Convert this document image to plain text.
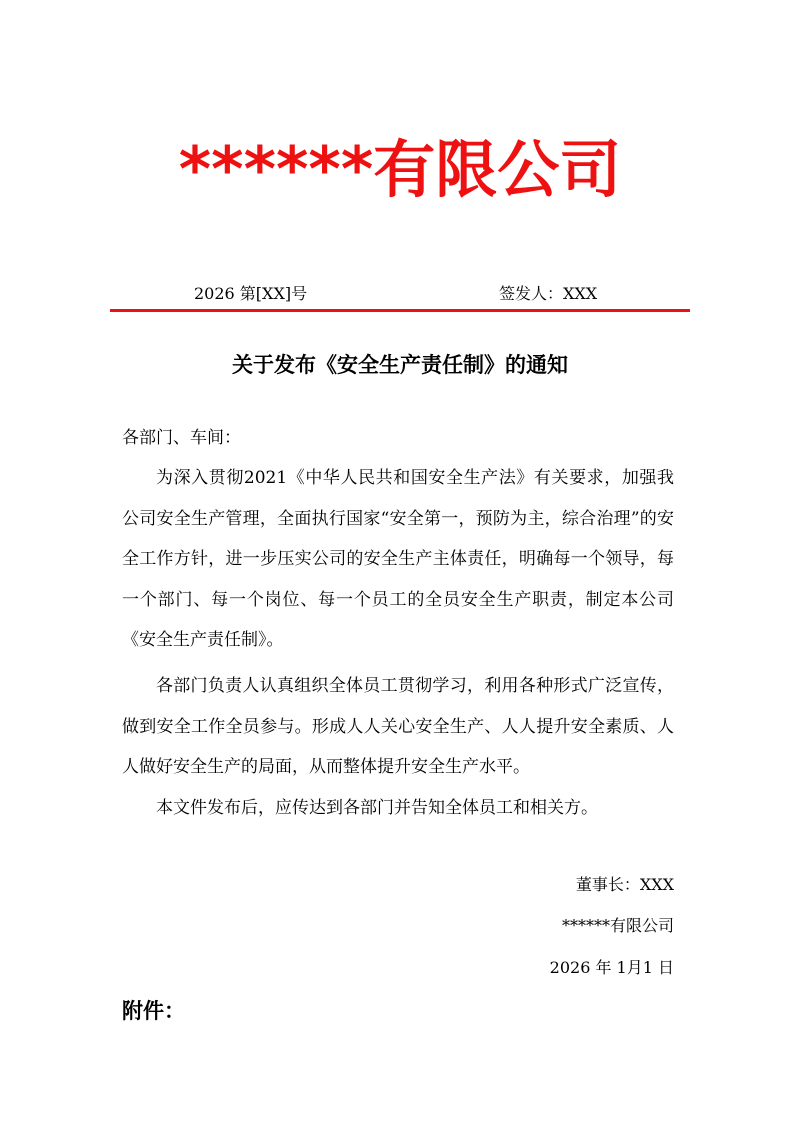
******有限公司
2026 第[XX]号	签发人：XXX
关于发布《安全生产责任制》的通知
各部门、车间：

为深入贯彻2021《中华人民共和国安全生产法》有关要求，加强我公司安全生产管理，全面执行国家“安全第一，预防为主，综合治理”的安全工作方针，进一步压实公司的安全生产主体责任，明确每一个领导，每一个部门、每一个岗位、每一个员工的全员安全生产职责，制定本公司《安全生产责任制》。

各部门负责人认真组织全体员工贯彻学习，利用各种形式广泛宣传，做到安全工作全员参与。形成人人关心安全生产、人人提升安全素质、人人做好安全生产的局面，从而整体提升安全生产水平。

本文件发布后，应传达到各部门并告知全体员工和相关方。

董事长：XXX
******有限公司
2026 年 1月1 日
附件：
